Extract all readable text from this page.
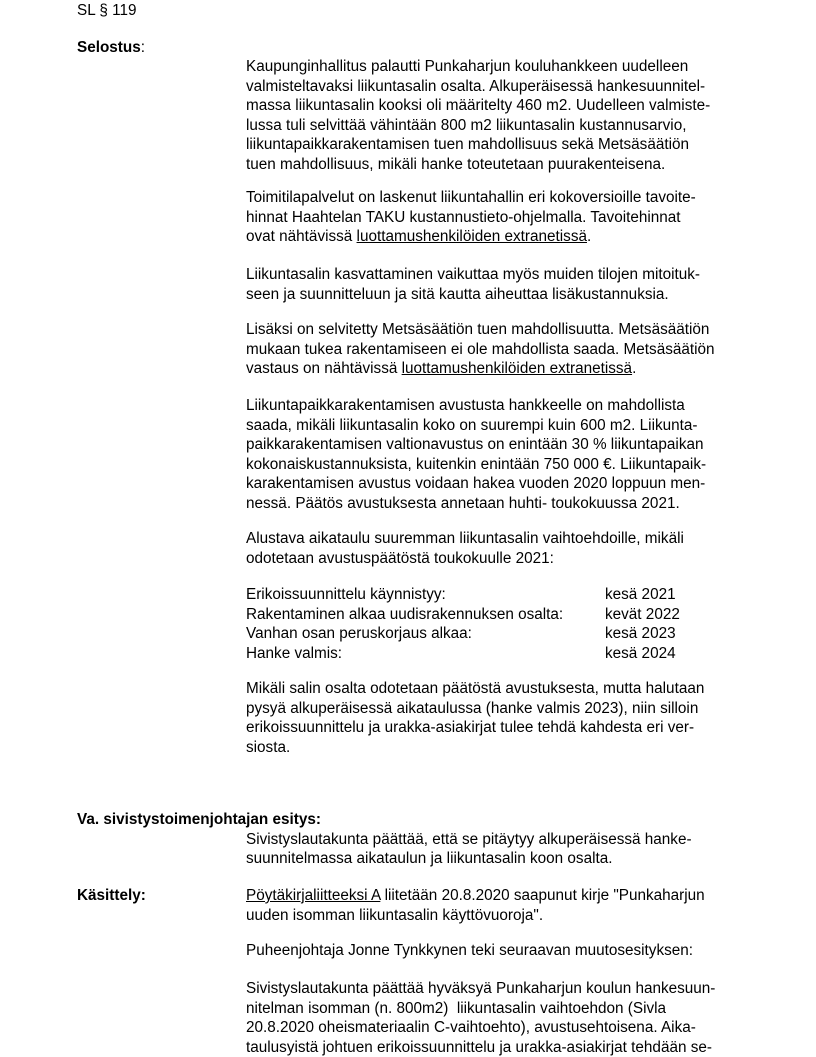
SL § 119
Selostus:
Kaupunginhallitus palautti Punkaharjun kouluhankkeen uudelleen
valmisteltavaksi liikuntasalin osalta. Alkuperäisessä hankesuunnitel-
massa liikuntasalin kooksi oli määritelty 460 m2. Uudelleen valmiste-
lussa tuli selvittää vähintään 800 m2 liikuntasalin kustannusarvio,
liikuntapaikkarakentamisen tuen mahdollisuus sekä Metsäsäätiön
tuen mahdollisuus, mikäli hanke toteutetaan puurakenteisena.
Toimitilapalvelut on laskenut liikuntahallin eri kokoversioille tavoite-
hinnat Haahtelan TAKU kustannustieto-ohjelmalla. Tavoitehinnat
ovat nähtävissä luottamushenkilöiden extranetissä.
Liikuntasalin kasvattaminen vaikuttaa myös muiden tilojen mitoituk-
seen ja suunnitteluun ja sitä kautta aiheuttaa lisäkustannuksia.
Lisäksi on selvitetty Metsäsäätiön tuen mahdollisuutta. Metsäsäätiön
mukaan tukea rakentamiseen ei ole mahdollista saada. Metsäsäätiön
vastaus on nähtävissä luottamushenkilöiden extranetissä.
Liikuntapaikkarakentamisen avustusta hankkeelle on mahdollista
saada, mikäli liikuntasalin koko on suurempi kuin 600 m2. Liikunta-
paikkarakentamisen valtionavustus on enintään 30 % liikuntapaikan
kokonaiskustannuksista, kuitenkin enintään 750 000 €. Liikuntapaik-
karakentamisen avustus voidaan hakea vuoden 2020 loppuun men-
nessä. Päätös avustuksesta annetaan huhti- toukokuussa 2021.
Alustava aikataulu suuremman liikuntasalin vaihtoehdoille, mikäli
odotetaan avustuspäätöstä toukokuulle 2021:
Erikoissuunnittelu käynnistyy:	kesä 2021
Rakentaminen alkaa uudisrakennuksen osalta:	kevät 2022
Vanhan osan peruskorjaus alkaa:	kesä 2023
Hanke valmis:	kesä 2024
Mikäli salin osalta odotetaan päätöstä avustuksesta, mutta halutaan
pysyä alkuperäisessä aikataulussa (hanke valmis 2023), niin silloin
erikoissuunnittelu ja urakka-asiakirjat tulee tehdä kahdesta eri ver-
siosta.
Va. sivistystoimenjohtajan esitys:
Sivistyslautakunta päättää, että se pitäytyy alkuperäisessä hanke-
suunnitelmassa aikataulun ja liikuntasalin koon osalta.
Käsittely:	Pöytäkirjaliitteeksi A liitetään 20.8.2020 saapunut kirje "Punkaharjun
uuden isomman liikuntasalin käyttövuoroja".
Puheenjohtaja Jonne Tynkkynen teki seuraavan muutosesityksen:
Sivistyslautakunta päättää hyväksyä Punkaharjun koulun hankesuun-
nitelman isomman (n. 800m2)  liikuntasalin vaihtoehdon (Sivla
20.8.2020 oheismateriaalin C-vaihtoehto), avustusehtoisena. Aika-
taulusyistä johtuen erikoissuunnittelu ja urakka-asiakirjat tehdään se-
